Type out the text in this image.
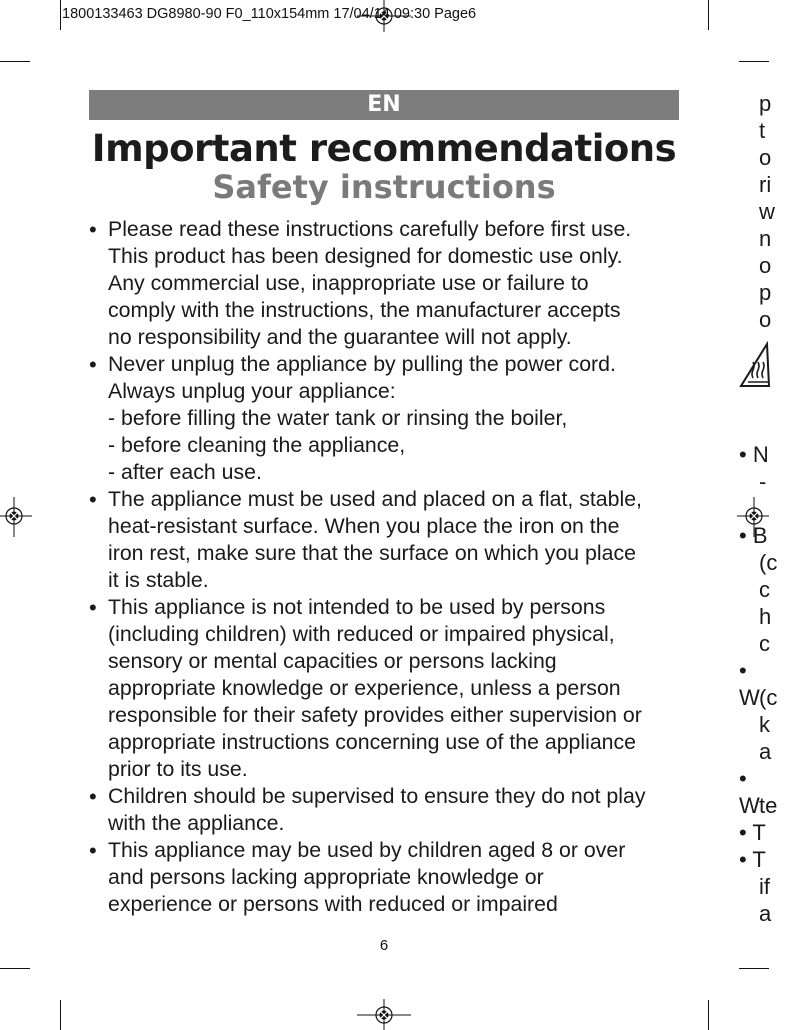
1800133463 DG8980-90 F0_110x154mm 17/04/14 09:30 Page6
EN
Important recommendations
Safety instructions
• Please read these instructions carefully before first use.

This product has been designed for domestic use only.

Any commercial use, inappropriate use or failure to

comply with the instructions, the manufacturer accepts

no responsibility and the guarantee will not apply.

• Never unplug the appliance by pulling the power cord.

Always unplug your appliance:

- before filling the water tank or rinsing the boiler,

- before cleaning the appliance,

- after each use.

• The appliance must be used and placed on a flat, stable,

heat-resistant surface. When you place the iron on the

iron rest, make sure that the surface on which you place

it is stable.

• This appliance is not intended to be used by persons

(including children) with reduced or impaired physical,

sensory or mental capacities or persons lacking

appropriate knowledge or experience, unless a person

responsible for their safety provides either supervision or

appropriate instructions concerning use of the appliance

prior to its use.

• Children should be supervised to ensure they do not play

with the appliance.

• This appliance may be used by children aged 8 or over

and persons lacking appropriate knowledge or

experience or persons with reduced or impaired

6
p
t
o
ri
w
n
o
p
o
• N
-
• B
(c
c
h
c
• W (c
k
a
• W te
• T
• T
if
a
